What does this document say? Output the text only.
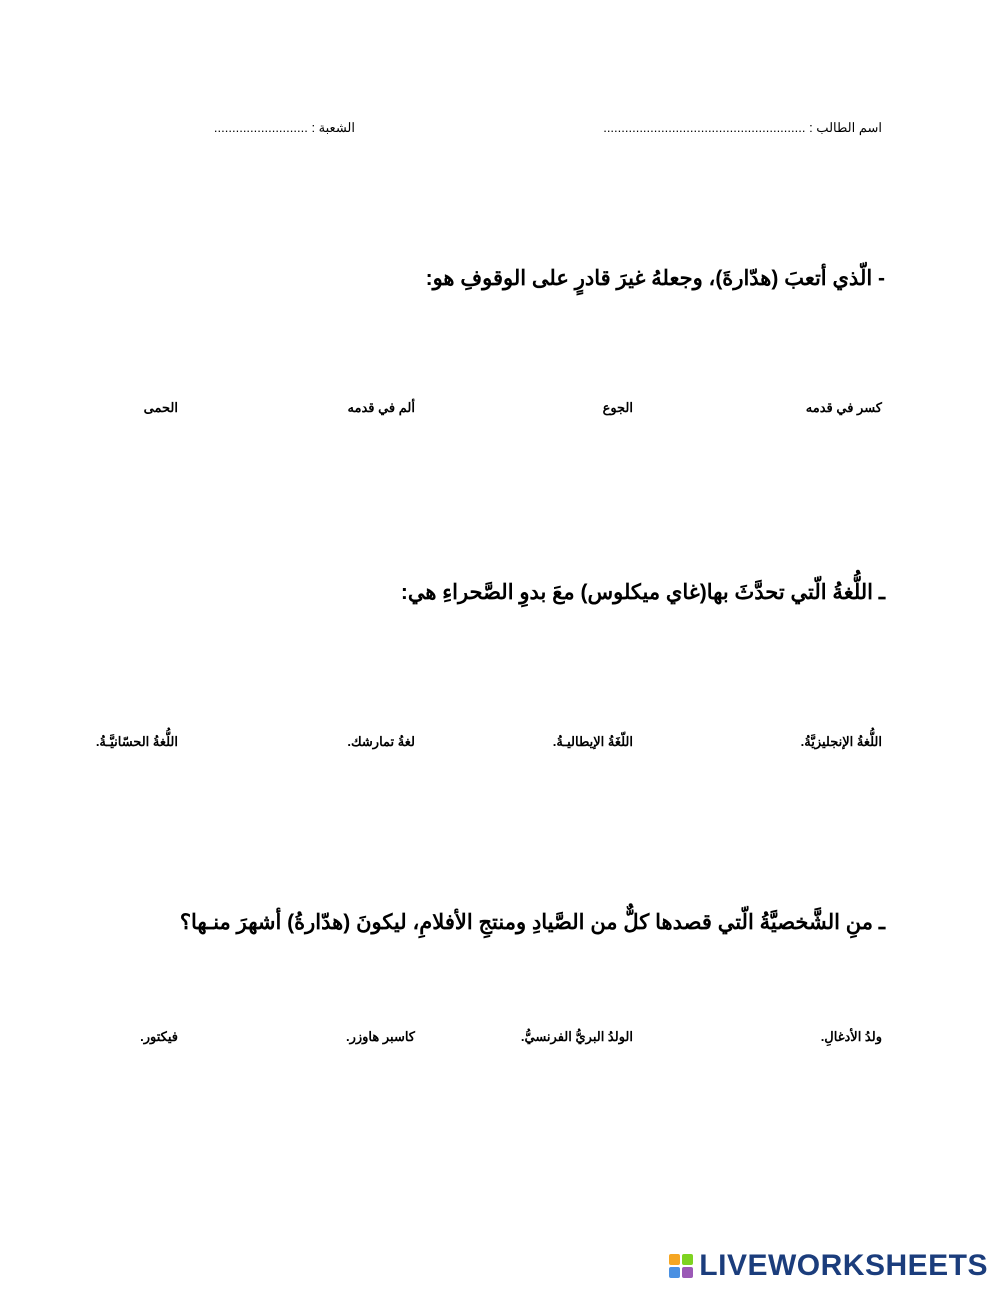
اسم الطالب : ........................................................
الشعبة : ..........................
- الّذي أتعبَ (هدّارةَ)، وجعلهُ غيرَ قادرٍ على الوقوفِ هو:
كسر في قدمه
الجوع
ألم في قدمه
الحمى
ـ اللُّغةُ الّتي تحدَّثَ بها(غاي ميكلوس) معَ بدوِ الصَّحراءِ هي:
اللُّغةُ الإنجليزيَّةُ.
اللّغَةُ الإيطاليـةُ.
لغةُ تمارشك.
اللُّغةُ الحسّانيَّـةُ.
ـ منِ الشَّخصيَّةُ الّتي قصدها كلٌّ من الصَّيادِ ومنتجِ الأفلامِ، ليكونَ (هدّارةُ) أشهرَ منـها؟
ولدُ الأدغالِ.
الولدُ البريُّ الفرنسيُّ.
كاسبر هاوزر.
فيكتور.
LIVEWORKSHEETS
